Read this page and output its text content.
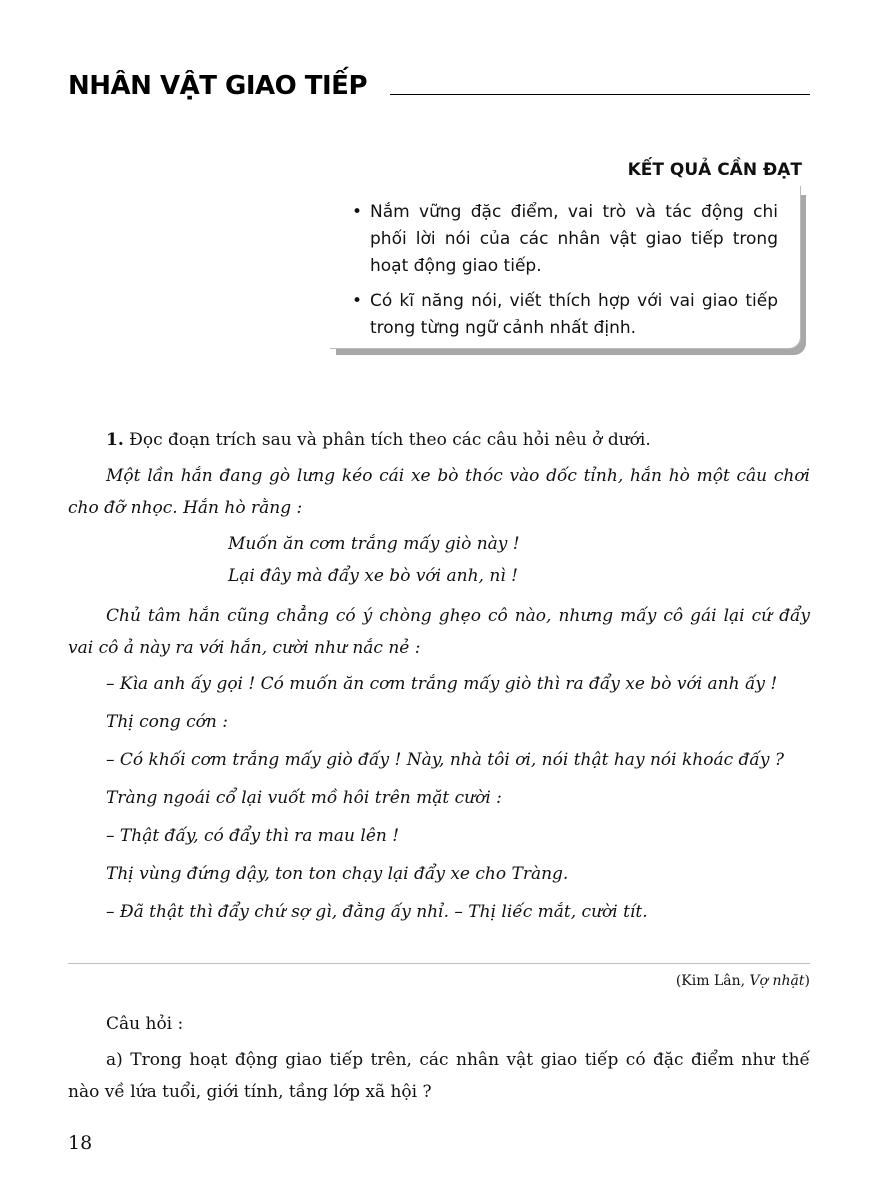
NHÂN VẬT GIAO TIẾP
KẾT QUẢ CẦN ĐẠT
• Nắm vững đặc điểm, vai trò và tác động chi phối lời nói của các nhân vật giao tiếp trong hoạt động giao tiếp.
• Có kĩ năng nói, viết thích hợp với vai giao tiếp trong từng ngữ cảnh nhất định.

1. Đọc đoạn trích sau và phân tích theo các câu hỏi nêu ở dưới.

Một lần hắn đang gò lưng kéo cái xe bò thóc vào dốc tỉnh, hắn hò một câu chơi cho đỡ nhọc. Hắn hò rằng :

Muốn ăn cơm trắng mấy giò này !

Lại đây mà đẩy xe bò với anh, nì !

Chủ tâm hắn cũng chẳng có ý chòng ghẹo cô nào, nhưng mấy cô gái lại cứ đẩy vai cô ả này ra với hắn, cười như nắc nẻ :

– Kìa anh ấy gọi ! Có muốn ăn cơm trắng mấy giò thì ra đẩy xe bò với anh ấy !

Thị cong cớn :

– Có khối cơm trắng mấy giò đấy ! Này, nhà tôi ơi, nói thật hay nói khoác đấy ?

Tràng ngoái cổ lại vuốt mồ hôi trên mặt cười :

– Thật đấy, có đẩy thì ra mau lên !

Thị vùng đứng dậy, ton ton chạy lại đẩy xe cho Tràng.

– Đã thật thì đẩy chứ sợ gì, đằng ấy nhỉ. – Thị liếc mắt, cười tít.

(Kim Lân, Vợ nhặt)

Câu hỏi :

a) Trong hoạt động giao tiếp trên, các nhân vật giao tiếp có đặc điểm như thế nào về lứa tuổi, giới tính, tầng lớp xã hội ?

18
